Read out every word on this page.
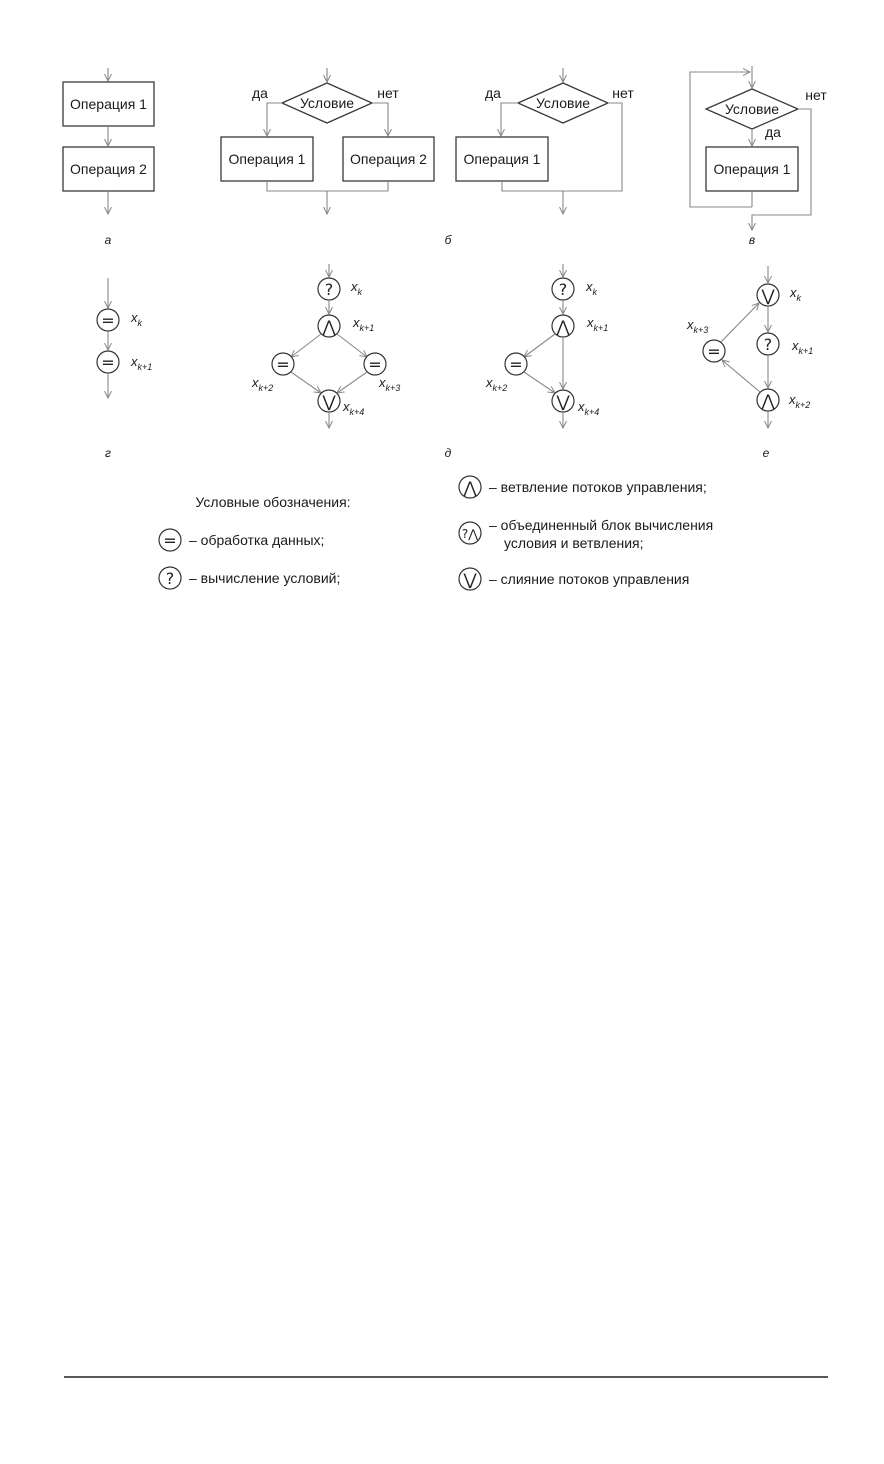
Операция 1
Операция 2
а
Условие
да	нет
Операция 1	Операция 2
Условие
да	нет
Операция 1
б
Условие
нет
да
Операция 1
в
= $x_k$
= $x_{k+1}$
г
? $x_k$
⋀ $x_{k+1}$
=
$x_{k+2}$
=
$x_{k+3}$
⋁ $x_{k+4}$
? $x_k$
⋀ $x_{k+1}$
=
$x_{k+2}$
⋁ $x_{k+4}$
д
⋁ $x_k$
? $x_{k+1}$
⋀ $x_{k+2}$
=
$x_{k+3}$
е
Условные обозначения:
= – обработка данных;
? – вычисление условий;
⋀ – ветвление потоков управления;
?⋀
– объединенный блок вычисления
условия и ветвления;
⋁ – слияние потоков управления
